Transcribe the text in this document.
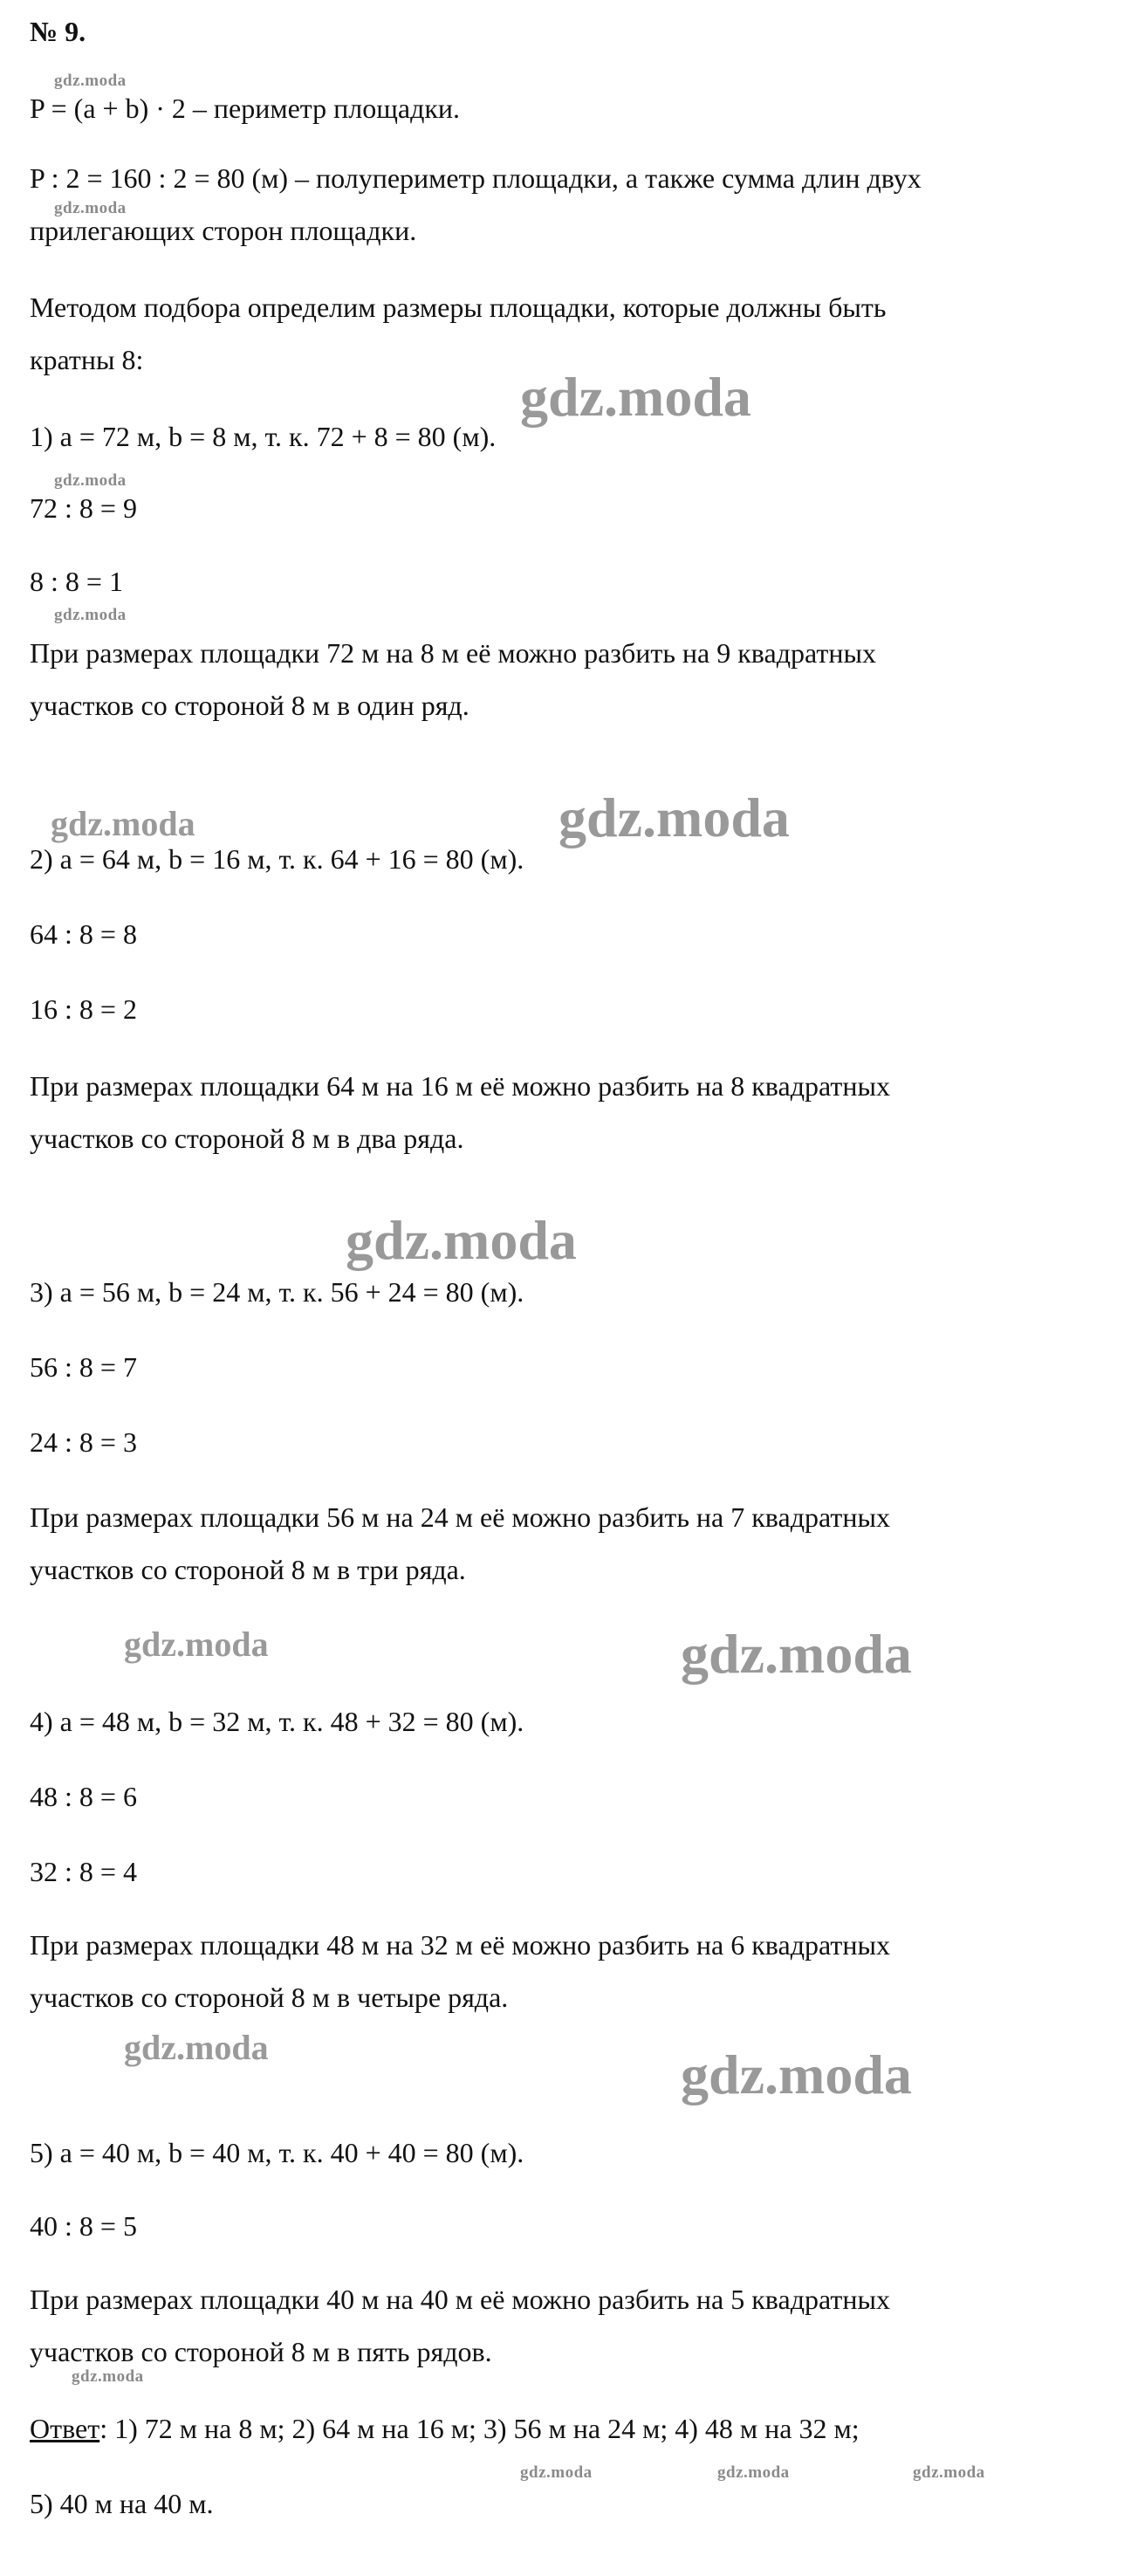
№ 9.
P = (a + b) · 2 – периметр площадки.
P : 2 = 160 : 2 = 80 (м) – полупериметр площадки, а также сумма длин двух
прилегающих сторон площадки.
Методом подбора определим размеры площадки, которые должны быть
кратны 8:
1) a = 72 м, b = 8 м, т. к. 72 + 8 = 80 (м).
72 : 8 = 9
8 : 8 = 1
При размерах площадки 72 м на 8 м её можно разбить на 9 квадратных
участков со стороной 8 м в один ряд.
2) a = 64 м, b = 16 м, т. к. 64 + 16 = 80 (м).
64 : 8 = 8
16 : 8 = 2
При размерах площадки 64 м на 16 м её можно разбить на 8 квадратных
участков со стороной 8 м в два ряда.
3) a = 56 м, b = 24 м, т. к. 56 + 24 = 80 (м).
56 : 8 = 7
24 : 8 = 3
При размерах площадки 56 м на 24 м её можно разбить на 7 квадратных
участков со стороной 8 м в три ряда.
4) a = 48 м, b = 32 м, т. к. 48 + 32 = 80 (м).
48 : 8 = 6
32 : 8 = 4
При размерах площадки 48 м на 32 м её можно разбить на 6 квадратных
участков со стороной 8 м в четыре ряда.
5) a = 40 м, b = 40 м, т. к. 40 + 40 = 80 (м).
40 : 8 = 5
При размерах площадки 40 м на 40 м её можно разбить на 5 квадратных
участков со стороной 8 м в пять рядов.
Ответ: 1) 72 м на 8 м; 2) 64 м на 16 м; 3) 56 м на 24 м; 4) 48 м на 32 м;
5) 40 м на 40 м.
gdz.moda
gdz.moda
gdz.moda
gdz.moda
gdz.moda
gdz.moda	gdz.moda
gdz.moda
gdz.moda	gdz.moda
gdz.moda	gdz.moda
gdz.moda
gdz.moda	gdz.moda	gdz.moda
